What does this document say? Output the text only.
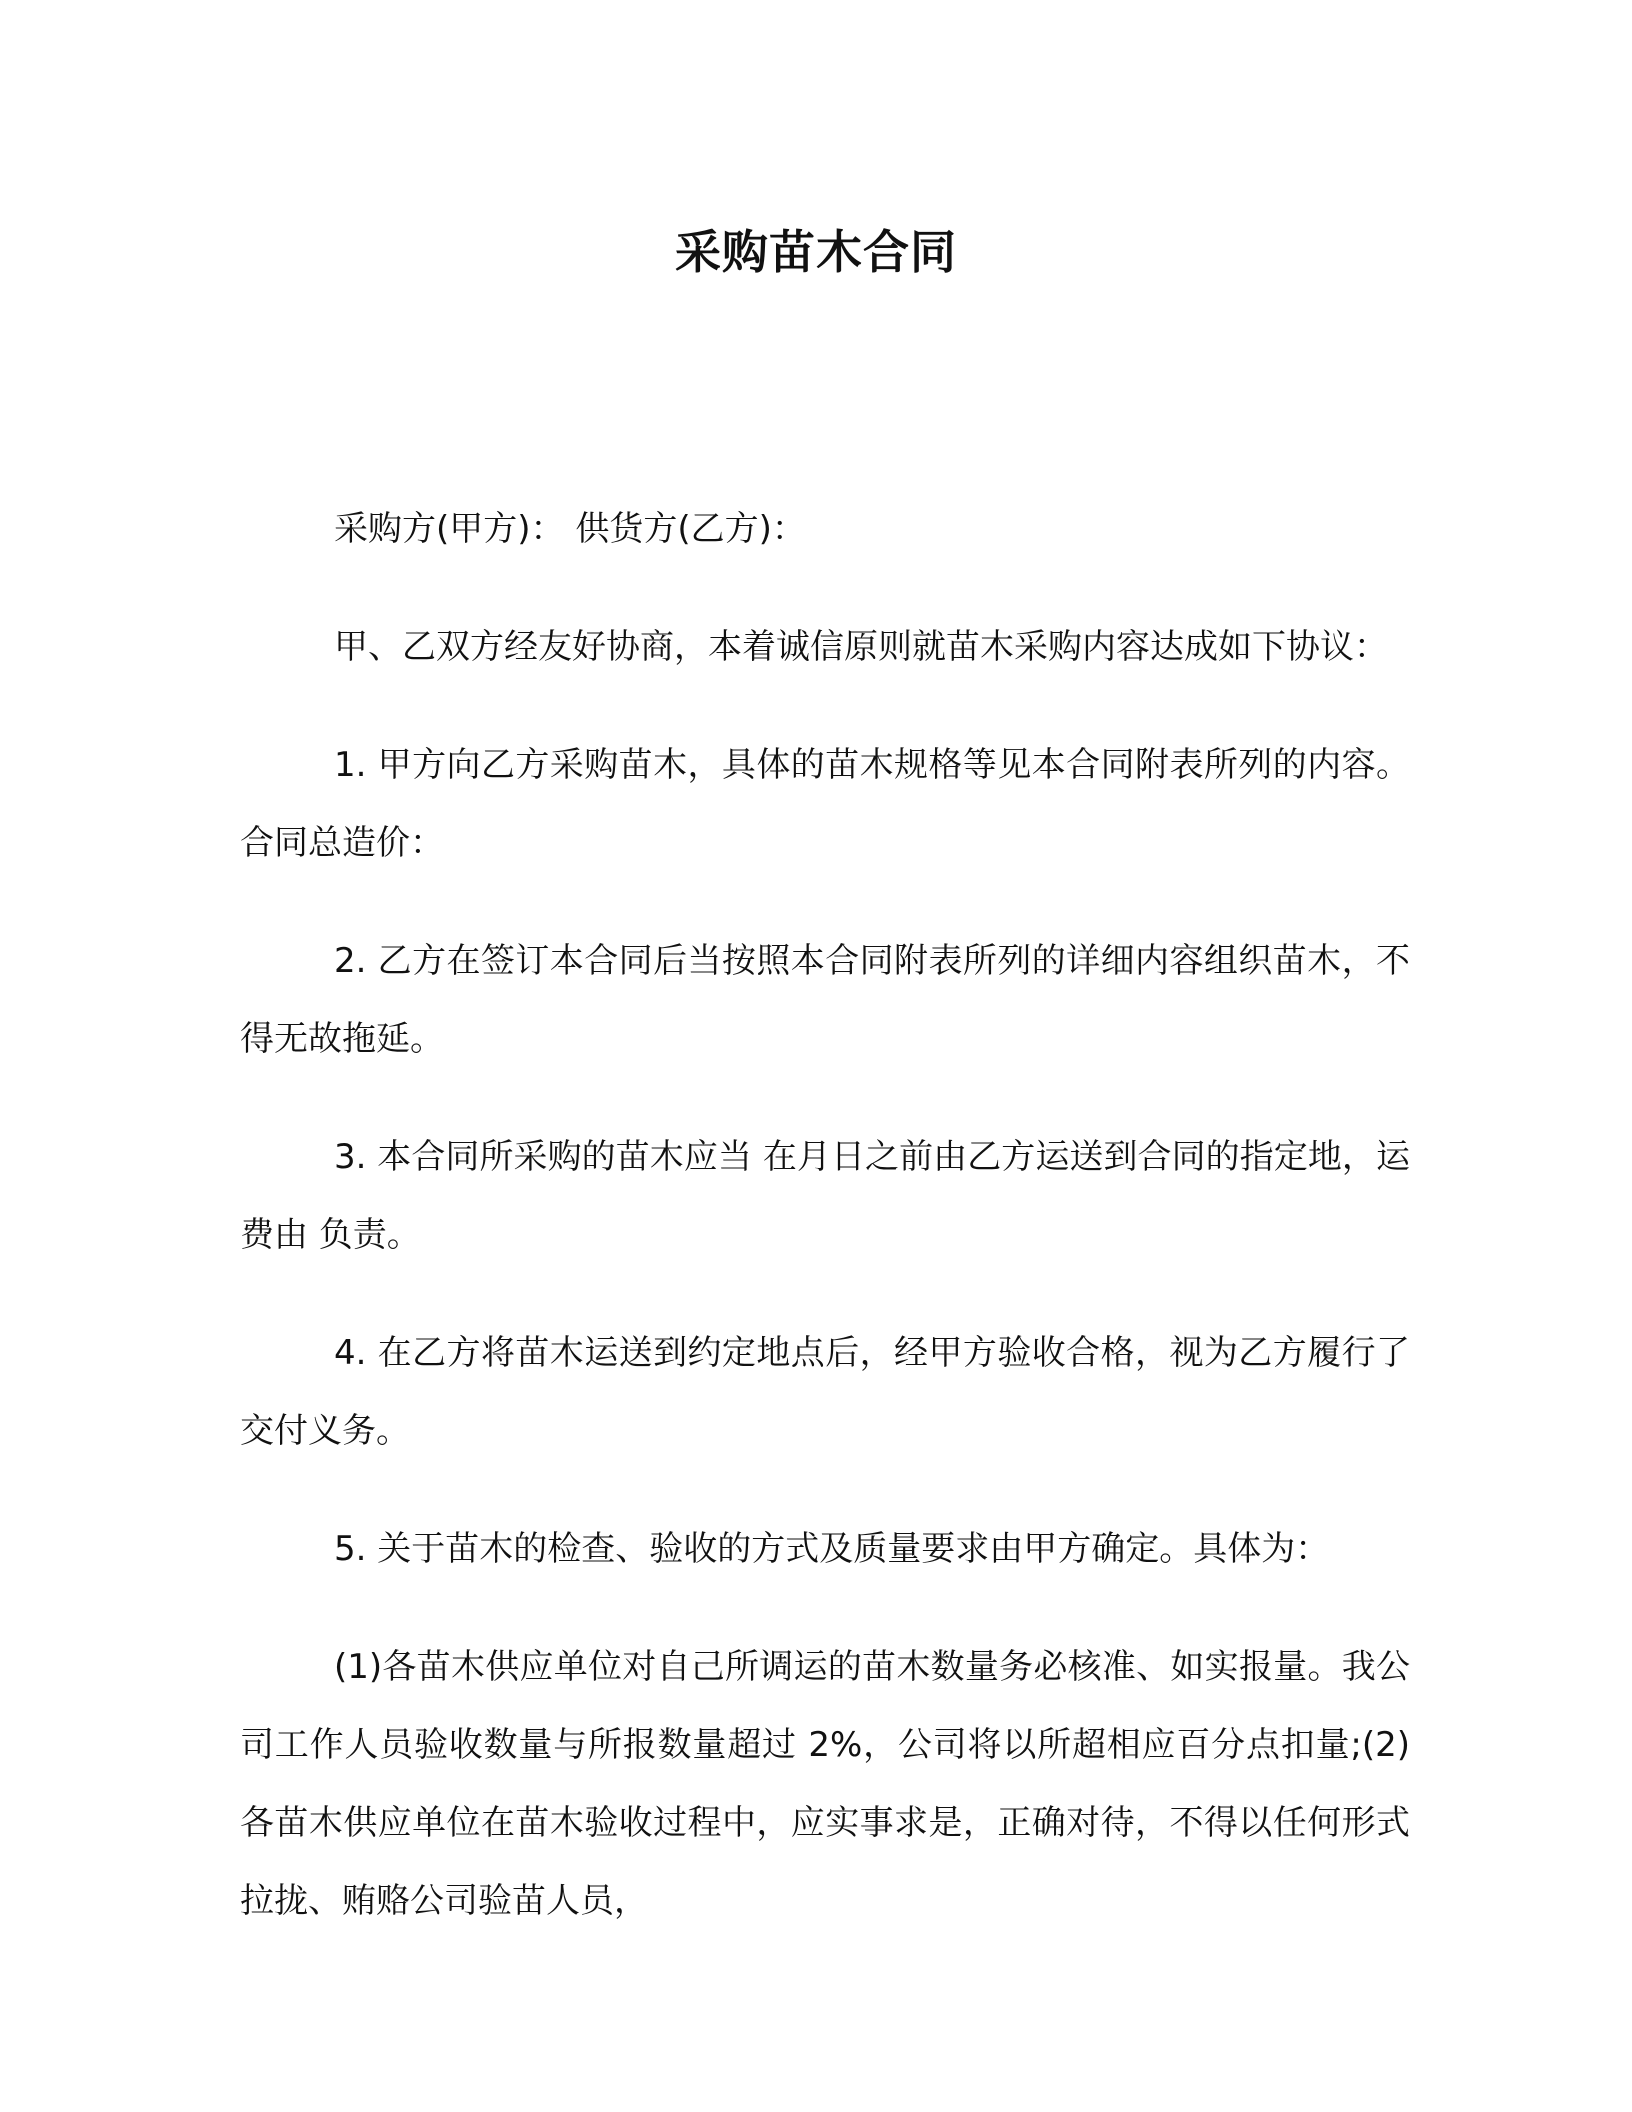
采购苗木合同

采购方(甲方)： 供货方(乙方)：

甲、乙双方经友好协商，本着诚信原则就苗木采购内容达成如下协议：

1. 甲方向乙方采购苗木，具体的苗木规格等见本合同附表所列的内容。合同总造价：

2. 乙方在签订本合同后当按照本合同附表所列的详细内容组织苗木，不得无故拖延。

3. 本合同所采购的苗木应当 在月日之前由乙方运送到合同的指定地，运费由 负责。

4. 在乙方将苗木运送到约定地点后，经甲方验收合格，视为乙方履行了交付义务。

5. 关于苗木的检查、验收的方式及质量要求由甲方确定。具体为：

(1)各苗木供应单位对自己所调运的苗木数量务必核准、如实报量。我公司工作人员验收数量与所报数量超过 2%，公司将以所超相应百分点扣量;(2)各苗木供应单位在苗木验收过程中，应实事求是，正确对待，不得以任何形式拉拢、贿赂公司验苗人员，
